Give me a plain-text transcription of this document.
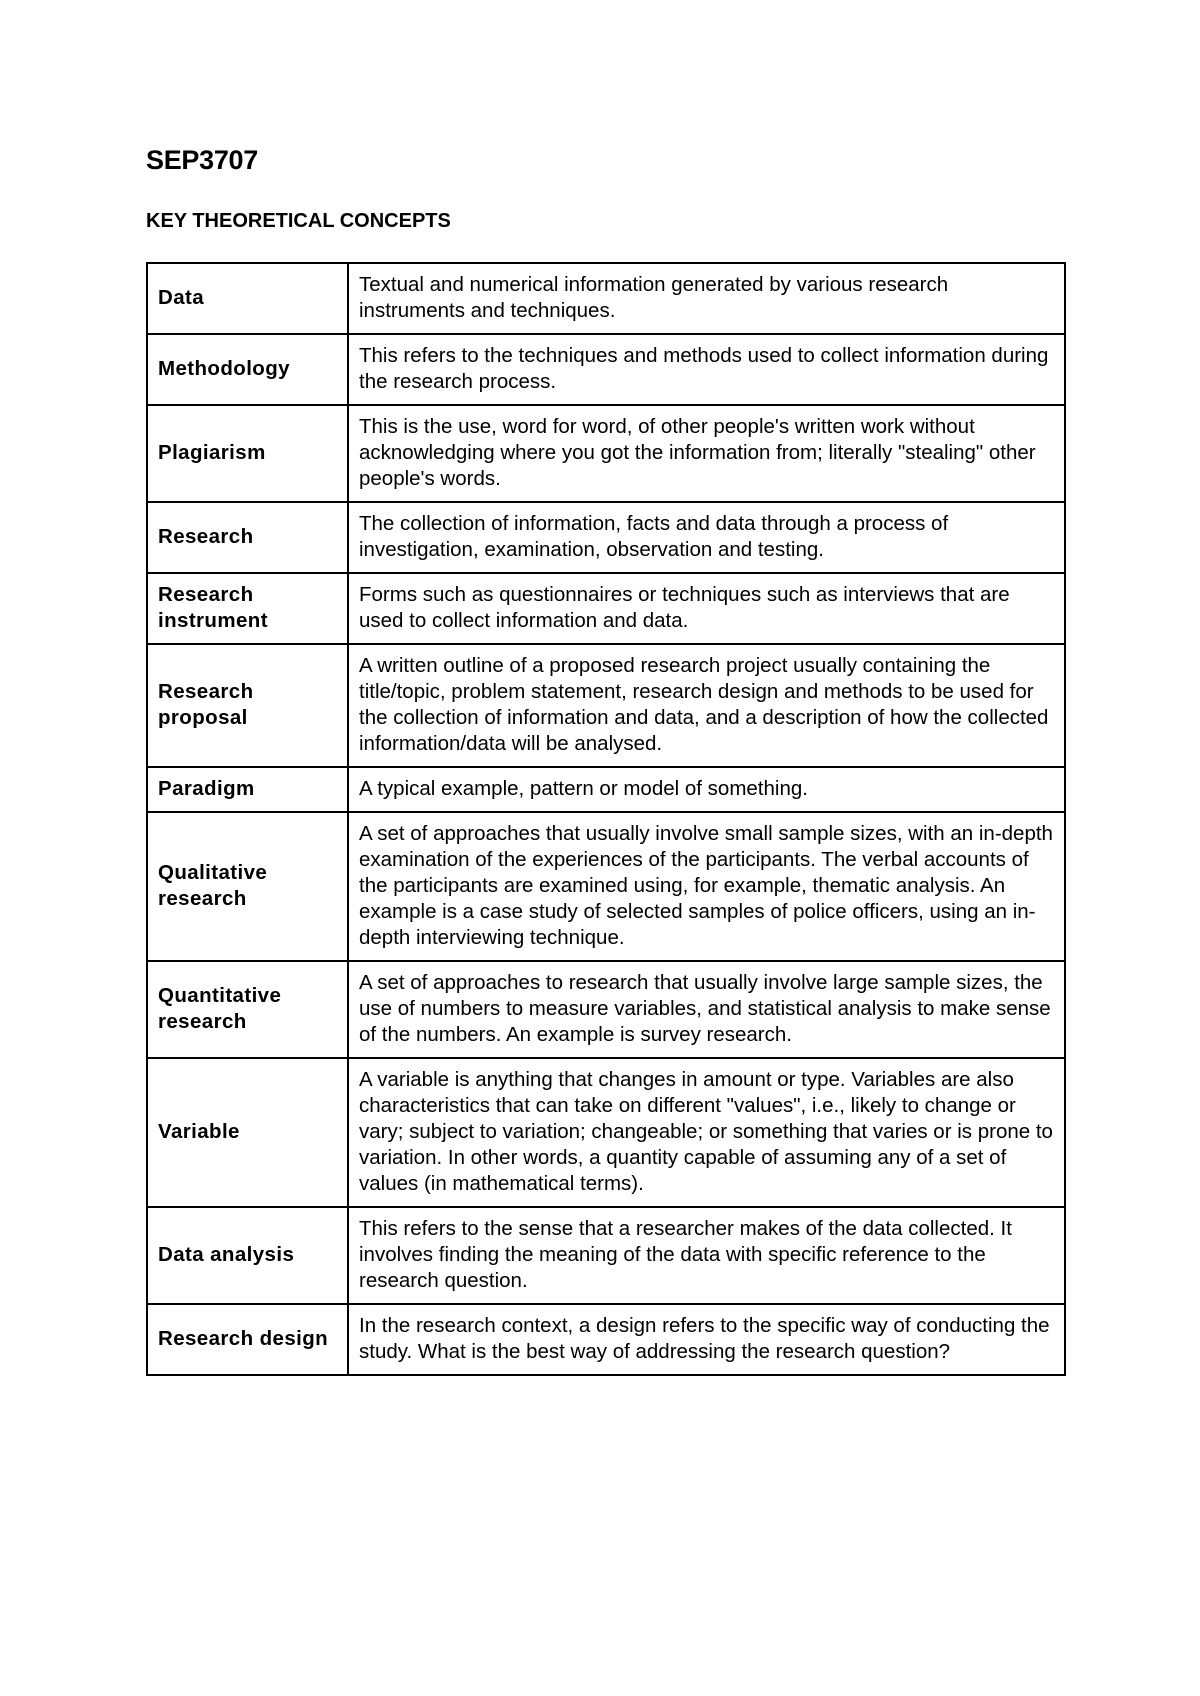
SEP3707
KEY THEORETICAL CONCEPTS
Data	Textual and numerical information generated by various research instruments and techniques.
Methodology	This refers to the techniques and methods used to collect information during the research process.
Plagiarism	This is the use, word for word, of other people's written work without acknowledging where you got the information from; literally "stealing" other people's words.
Research	The collection of information, facts and data through a process of investigation, examination, observation and testing.
Research instrument	Forms such as questionnaires or techniques such as interviews that are used to collect information and data.
Research proposal	A written outline of a proposed research project usually containing the title/topic, problem statement, research design and methods to be used for the collection of information and data, and a description of how the collected information/data will be analysed.
Paradigm	A typical example, pattern or model of something.
Qualitative research	A set of approaches that usually involve small sample sizes, with an in-depth examination of the experiences of the participants. The verbal accounts of the participants are examined using, for example, thematic analysis. An example is a case study of selected samples of police officers, using an in-depth interviewing technique.
Quantitative research	A set of approaches to research that usually involve large sample sizes, the use of numbers to measure variables, and statistical analysis to make sense of the numbers. An example is survey research.
Variable	A variable is anything that changes in amount or type. Variables are also characteristics that can take on different "values", i.e., likely to change or vary; subject to variation; changeable; or something that varies or is prone to variation. In other words, a quantity capable of assuming any of a set of values (in mathematical terms).
Data analysis	This refers to the sense that a researcher makes of the data collected. It involves finding the meaning of the data with specific reference to the research question.
Research design	In the research context, a design refers to the specific way of conducting the study. What is the best way of addressing the research question?
